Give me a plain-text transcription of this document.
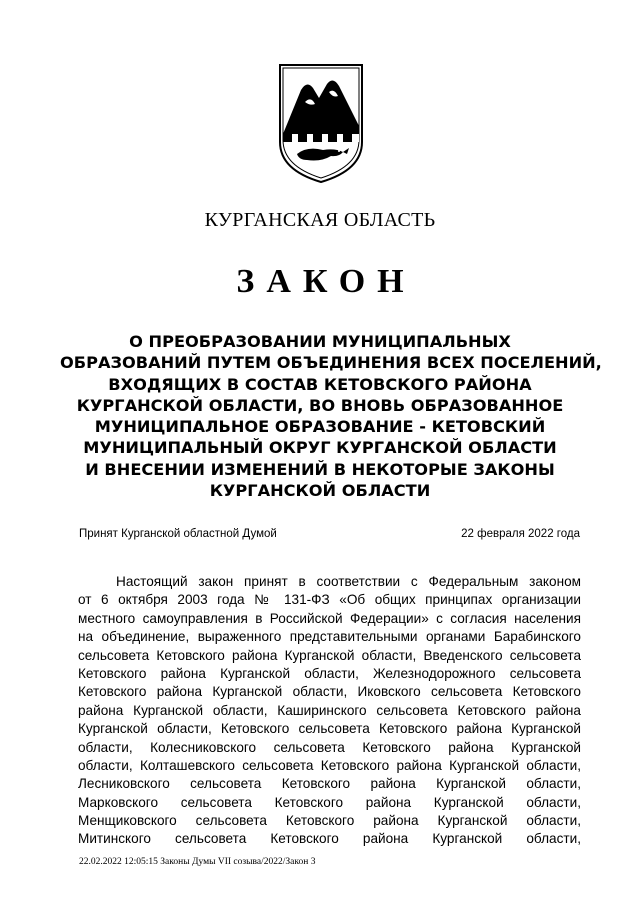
КУРГАНСКАЯ ОБЛАСТЬ
ЗАКОН
О ПРЕОБРАЗОВАНИИ МУНИЦИПАЛЬНЫХ
ОБРАЗОВАНИЙ ПУТЕМ ОБЪЕДИНЕНИЯ ВСЕХ ПОСЕЛЕНИЙ,
ВХОДЯЩИХ В СОСТАВ КЕТОВСКОГО РАЙОНА
КУРГАНСКОЙ ОБЛАСТИ, ВО ВНОВЬ ОБРАЗОВАННОЕ
МУНИЦИПАЛЬНОЕ ОБРАЗОВАНИЕ - КЕТОВСКИЙ
МУНИЦИПАЛЬНЫЙ ОКРУГ КУРГАНСКОЙ ОБЛАСТИ
И ВНЕСЕНИИ ИЗМЕНЕНИЙ В НЕКОТОРЫЕ ЗАКОНЫ
КУРГАНСКОЙ ОБЛАСТИ
Принят Курганской областной Думой	22 февраля 2022 года
Настоящий закон принят в соответствии с Федеральным законом
от 6 октября 2003 года № 131-ФЗ «Об общих принципах организации
местного самоуправления в Российской Федерации» с согласия населения
на объединение, выраженного представительными органами Барабинского
сельсовета Кетовского района Курганской области, Введенского сельсовета
Кетовского района Курганской области, Железнодорожного сельсовета
Кетовского района Курганской области, Иковского сельсовета Кетовского
района Курганской области, Каширинского сельсовета Кетовского района
Курганской области, Кетовского сельсовета Кетовского района Курганской
области, Колесниковского сельсовета Кетовского района Курганской
области, Колташевского сельсовета Кетовского района Курганской области,
Лесниковского сельсовета Кетовского района Курганской области,
Марковского сельсовета Кетовского района Курганской области,
Менщиковского сельсовета Кетовского района Курганской области,
Митинского сельсовета Кетовского района Курганской области,
22.02.2022 12:05:15 Законы Думы VII созыва/2022/Закон 3
